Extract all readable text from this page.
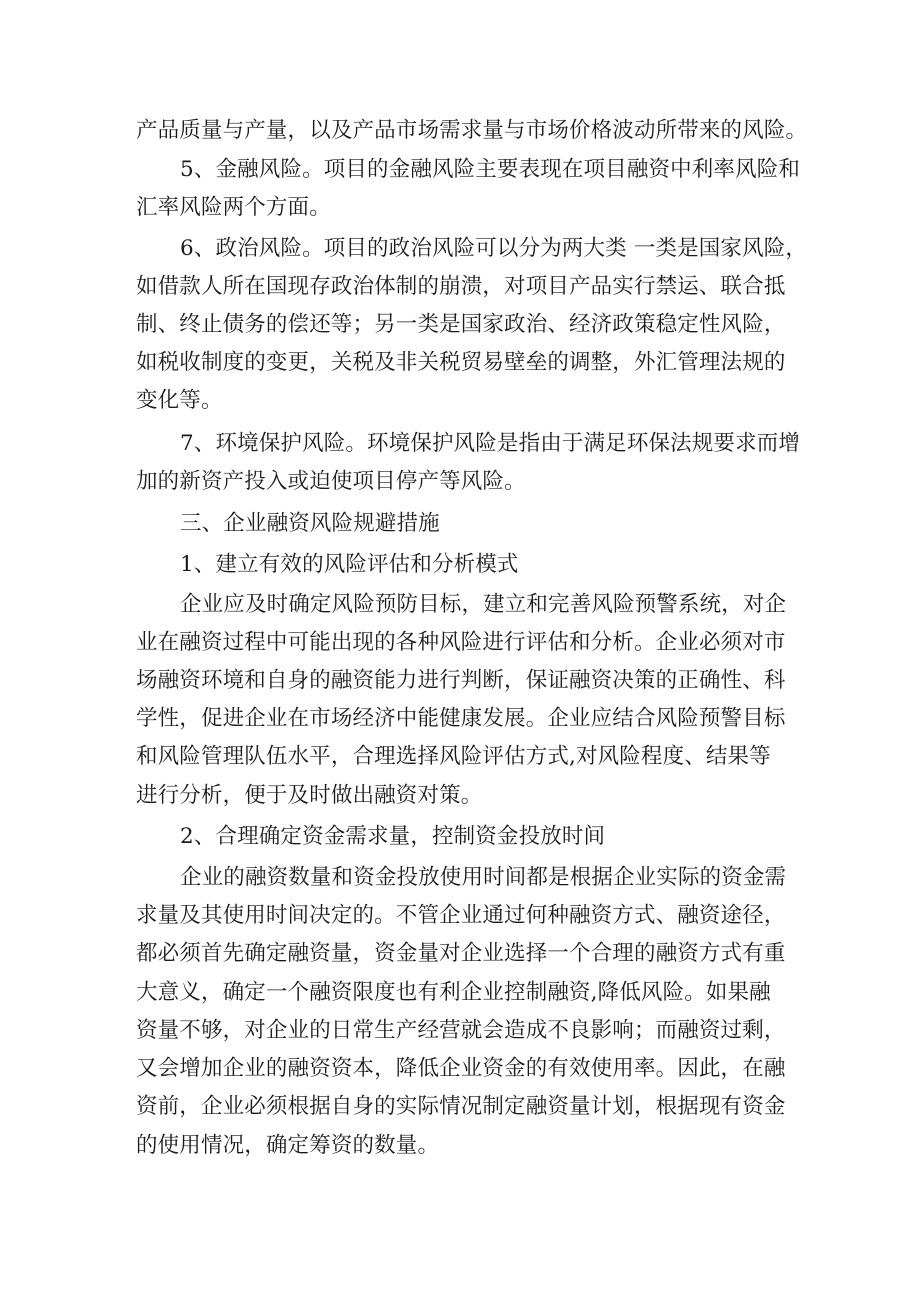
产品质量与产量，以及产品市场需求量与市场价格波动所带来的风险。
5、金融风险。项目的金融风险主要表现在项目融资中利率风险和
汇率风险两个方面。
6、政治风险。项目的政治风险可以分为两大类 一类是国家风险，
如借款人所在国现存政治体制的崩溃，对项目产品实行禁运、联合抵
制、终止债务的偿还等；另一类是国家政治、经济政策稳定性风险，
如税收制度的变更，关税及非关税贸易壁垒的调整，外汇管理法规的
变化等。
7、环境保护风险。环境保护风险是指由于满足环保法规要求而增
加的新资产投入或迫使项目停产等风险。
三、企业融资风险规避措施
1、建立有效的风险评估和分析模式
企业应及时确定风险预防目标，建立和完善风险预警系统，对企
业在融资过程中可能出现的各种风险进行评估和分析。企业必须对市
场融资环境和自身的融资能力进行判断，保证融资决策的正确性、科
学性，促进企业在市场经济中能健康发展。企业应结合风险预警目标
和风险管理队伍水平，合理选择风险评估方式,对风险程度、结果等
进行分析，便于及时做出融资对策。
2、合理确定资金需求量，控制资金投放时间
企业的融资数量和资金投放使用时间都是根据企业实际的资金需
求量及其使用时间决定的。不管企业通过何种融资方式、融资途径，
都必须首先确定融资量，资金量对企业选择一个合理的融资方式有重
大意义，确定一个融资限度也有利企业控制融资,降低风险。如果融
资量不够，对企业的日常生产经营就会造成不良影响；而融资过剩，
又会增加企业的融资资本，降低企业资金的有效使用率。因此，在融
资前，企业必须根据自身的实际情况制定融资量计划，根据现有资金
的使用情况，确定筹资的数量。
